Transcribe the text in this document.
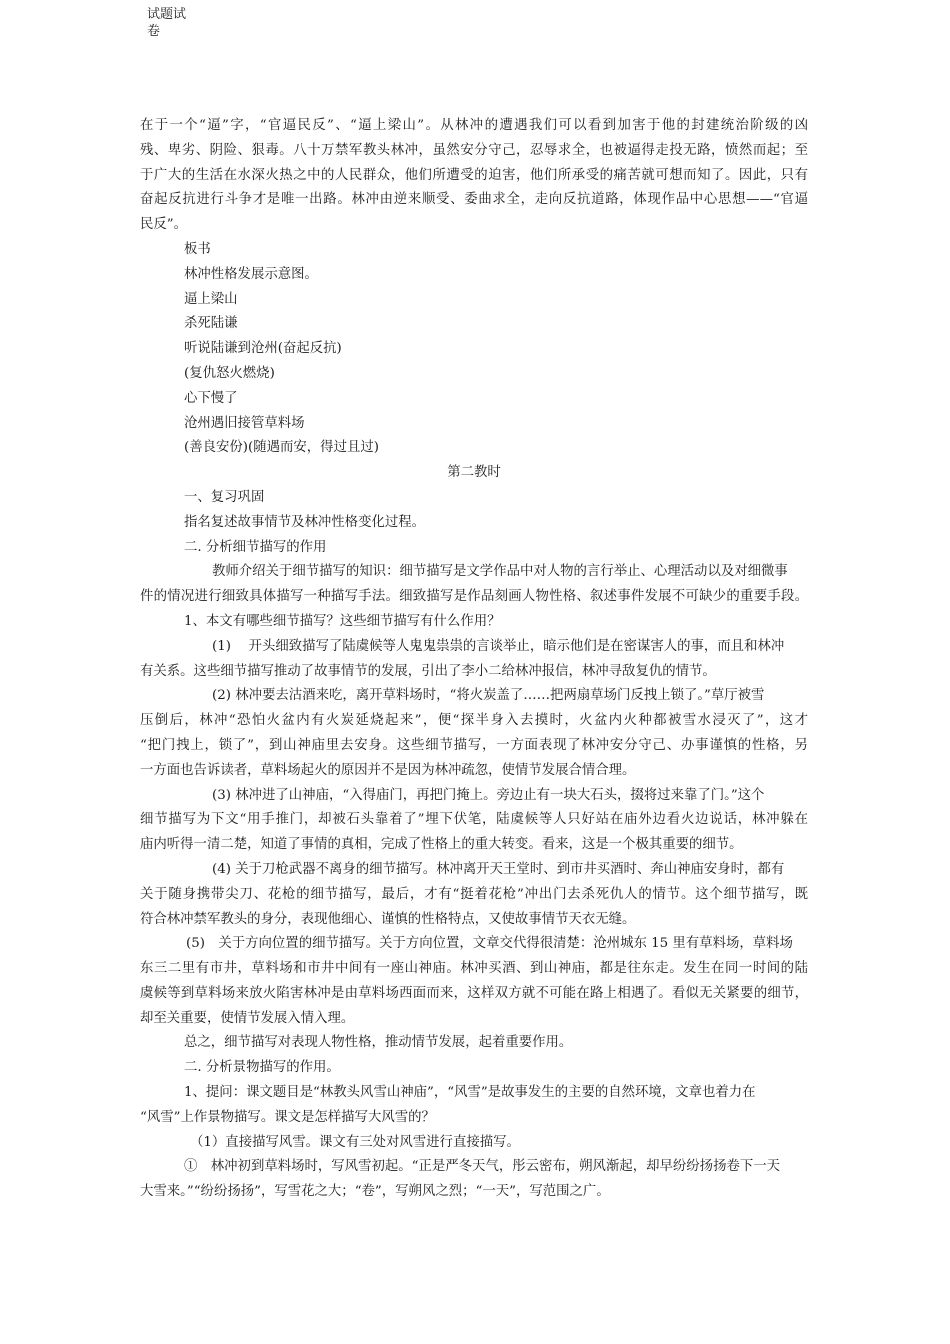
试题试
卷
在于一个“逼”字，“官逼民反”、“逼上梁山”。从林冲的遭遇我们可以看到加害于他的封建统治阶级的凶
残、卑劣、阴险、狠毒。八十万禁军教头林冲，虽然安分守己，忍辱求全，也被逼得走投无路，愤然而起；至
于广大的生活在水深火热之中的人民群众，他们所遭受的迫害，他们所承受的痛苦就可想而知了。因此，只有
奋起反抗进行斗争才是唯一出路。林冲由逆来顺受、委曲求全，走向反抗道路，体现作品中心思想——“官逼
民反”。
板书
林冲性格发展示意图。
逼上梁山
杀死陆谦
听说陆谦到沧州(奋起反抗)
(复仇怒火燃烧)
心下慢了
沧州遇旧接管草料场
(善良安份)(随遇而安，得过且过)
第二教时
一、复习巩固
指名复述故事情节及林冲性格变化过程。
二. 分析细节描写的作用
教师介绍关于细节描写的知识：细节描写是文学作品中对人物的言行举止、心理活动以及对细微事
件的情况进行细致具体描写一种描写手法。细致描写是作品刻画人物性格、叙述事件发展不可缺少的重要手段。
1、本文有哪些细节描写？这些细节描写有什么作用？
(1)　 开头细致描写了陆虞候等人鬼鬼祟祟的言谈举止，暗示他们是在密谋害人的事，而且和林冲
有关系。这些细节描写推动了故事情节的发展，引出了李小二给林冲报信，林冲寻敌复仇的情节。
(2) 林冲要去沽酒来吃，离开草料场时，“将火炭盖了……把两扇草场门反拽上锁了。”草厅被雪
压倒后，林冲“恐怕火盆内有火炭延烧起来”，便“探半身入去摸时，火盆内火种都被雪水浸灭了”，这才
“把门拽上，锁了”，到山神庙里去安身。这些细节描写，一方面表现了林冲安分守己、办事谨慎的性格，另
一方面也告诉读者，草料场起火的原因并不是因为林冲疏忽，使情节发展合情合理。
(3) 林冲进了山神庙，“入得庙门，再把门掩上。旁边止有一块大石头，掇将过来靠了门。”这个
细节描写为下文“用手推门，却被石头靠着了”埋下伏笔，陆虞候等人只好站在庙外边看火边说话，林冲躲在
庙内听得一清二楚，知道了事情的真相，完成了性格上的重大转变。看来，这是一个极其重要的细节。
(4) 关于刀枪武器不离身的细节描写。林冲离开天王堂时、到市井买酒时、奔山神庙安身时，都有
关于随身携带尖刀、花枪的细节描写，最后，才有“挺着花枪”冲出门去杀死仇人的情节。这个细节描写，既
符合林冲禁军教头的身分，表现他细心、谨慎的性格特点，又使故事情节天衣无缝。
(5)　关于方向位置的细节描写。关于方向位置，文章交代得很清楚：沧州城东 15 里有草料场，草料场
东三二里有市井，草料场和市井中间有一座山神庙。林冲买酒、到山神庙，都是往东走。发生在同一时间的陆
虞候等到草料场来放火陷害林冲是由草料场西面而来，这样双方就不可能在路上相遇了。看似无关紧要的细节，
却至关重要，使情节发展入情入理。
总之，细节描写对表现人物性格，推动情节发展，起着重要作用。
二. 分析景物描写的作用。
1、提问：课文题目是“林教头风雪山神庙”，“风雪”是故事发生的主要的自然环境，文章也着力在
“风雪”上作景物描写。课文是怎样描写大风雪的？
（1）直接描写风雪。课文有三处对风雪进行直接描写。
①　林冲初到草料场时，写风雪初起。“正是严冬天气，彤云密布，朔风渐起，却早纷纷扬扬卷下一天
大雪来。”“纷纷扬扬”，写雪花之大；“卷”，写朔风之烈；“一天”，写范围之广。
